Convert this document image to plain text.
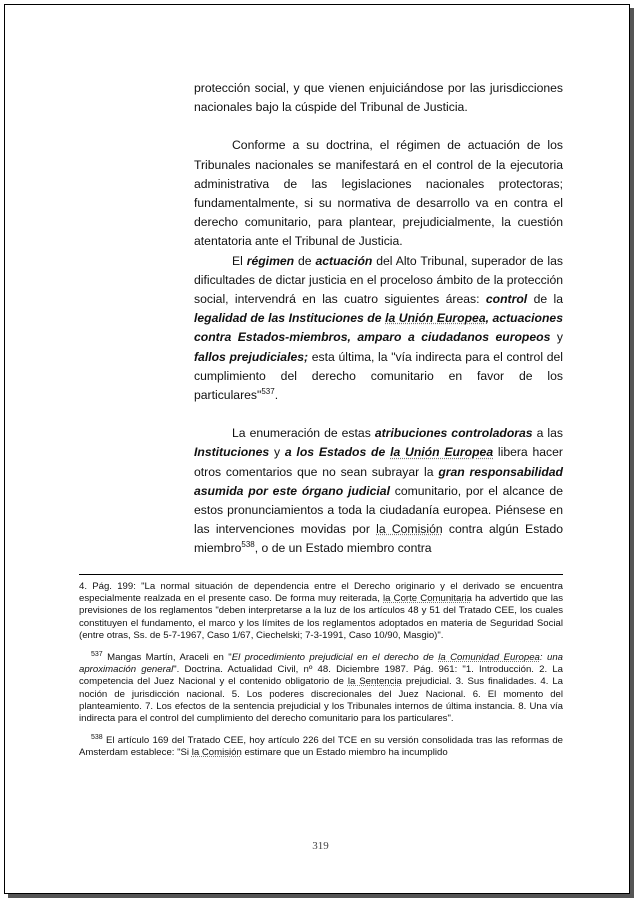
protección social, y que vienen enjuiciándose por las jurisdicciones nacionales bajo la cúspide del Tribunal de Justicia.

Conforme a su doctrina, el régimen de actuación de los Tribunales nacionales se manifestará en el control de la ejecutoria administrativa de las legislaciones nacionales protectoras; fundamentalmente, si su normativa de desarrollo va en contra el derecho comunitario, para plantear, prejudicialmente, la cuestión atentatoria ante el Tribunal de Justicia.

El régimen de actuación del Alto Tribunal, superador de las dificultades de dictar justicia en el proceloso ámbito de la protección social, intervendrá en las cuatro siguientes áreas: control de la legalidad de las Instituciones de la Unión Europea, actuaciones contra Estados-miembros, amparo a ciudadanos europeos y fallos prejudiciales; esta última, la "vía indirecta para el control del cumplimiento del derecho comunitario en favor de los particulares"$^{537}$.

La enumeración de estas atribuciones controladoras a las Instituciones y a los Estados de la Unión Europea libera hacer otros comentarios que no sean subrayar la gran responsabilidad asumida por este órgano judicial comunitario, por el alcance de estos pronunciamientos a toda la ciudadanía europea. Piénsese en las intervenciones movidas por la Comisión contra algún Estado miembro$^{538}$, o de un Estado miembro contra

4. Pág. 199: "La normal situación de dependencia entre el Derecho originario y el derivado se encuentra especialmente realzada en el presente caso. De forma muy reiterada, la Corte Comunitaria ha advertido que las previsiones de los reglamentos "deben interpretarse a la luz de los artículos 48 y 51 del Tratado CEE, los cuales constituyen el fundamento, el marco y los límites de los reglamentos adoptados en materia de Seguridad Social (entre otras, Ss. de 5-7-1967, Caso 1/67, Ciechelski; 7-3-1991, Caso 10/90, Masgio)".

$^{537}$ Mangas Martín, Araceli en "El procedimiento prejudicial en el derecho de la Comunidad Europea: una aproximación general". Doctrina. Actualidad Civil, nº 48. Diciembre 1987. Pág. 961: "1. Introducción. 2. La competencia del Juez Nacional y el contenido obligatorio de la Sentencia prejudicial. 3. Sus finalidades. 4. La noción de jurisdicción nacional. 5. Los poderes discrecionales del Juez Nacional. 6. El momento del planteamiento. 7. Los efectos de la sentencia prejudicial y los Tribunales internos de última instancia. 8. Una vía indirecta para el control del cumplimiento del derecho comunitario para los particulares".

$^{538}$ El artículo 169 del Tratado CEE, hoy artículo 226 del TCE en su versión consolidada tras las reformas de Amsterdam establece: "Si la Comisión estimare que un Estado miembro ha incumplido

319
